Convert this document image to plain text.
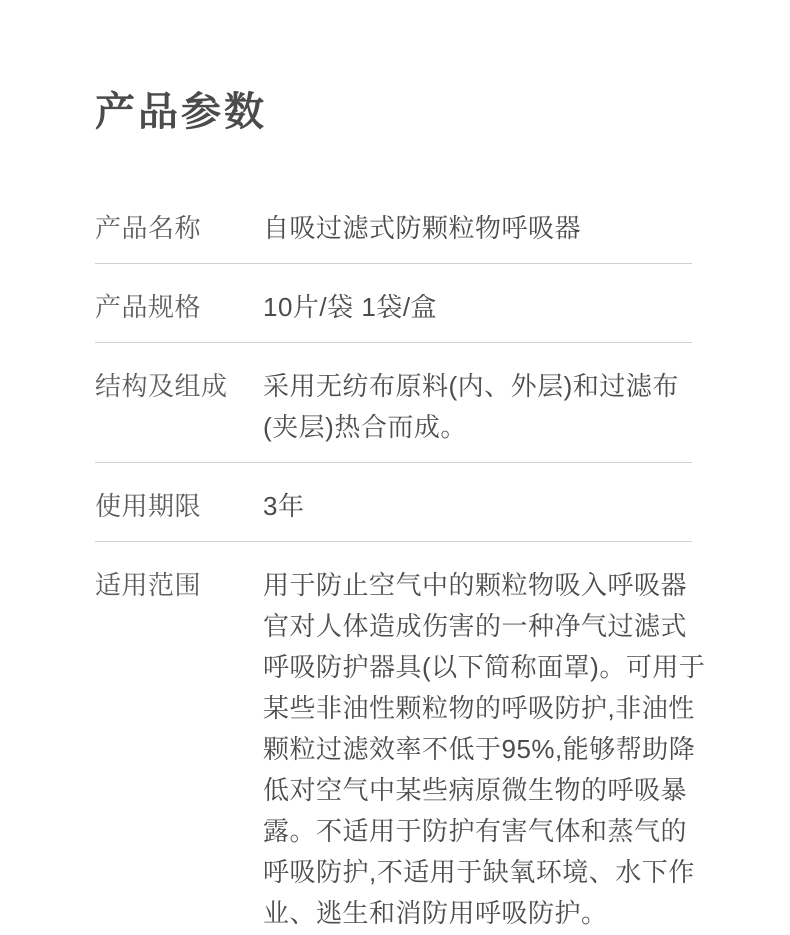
产品参数
产品名称	自吸过滤式防颗粒物呼吸器
产品规格	10片/袋 1袋/盒
结构及组成	采用无纺布原料(内、外层)和过滤布(夹层)热合而成。
使用期限	3年
适用范围	用于防止空气中的颗粒物吸入呼吸器官对人体造成伤害的一种净气过滤式呼吸防护器具(以下简称面罩)。可用于某些非油性颗粒物的呼吸防护,非油性颗粒过滤效率不低于95%,能够帮助降低对空气中某些病原微生物的呼吸暴露。不适用于防护有害气体和蒸气的呼吸防护,不适用于缺氧环境、水下作业、逃生和消防用呼吸防护。
